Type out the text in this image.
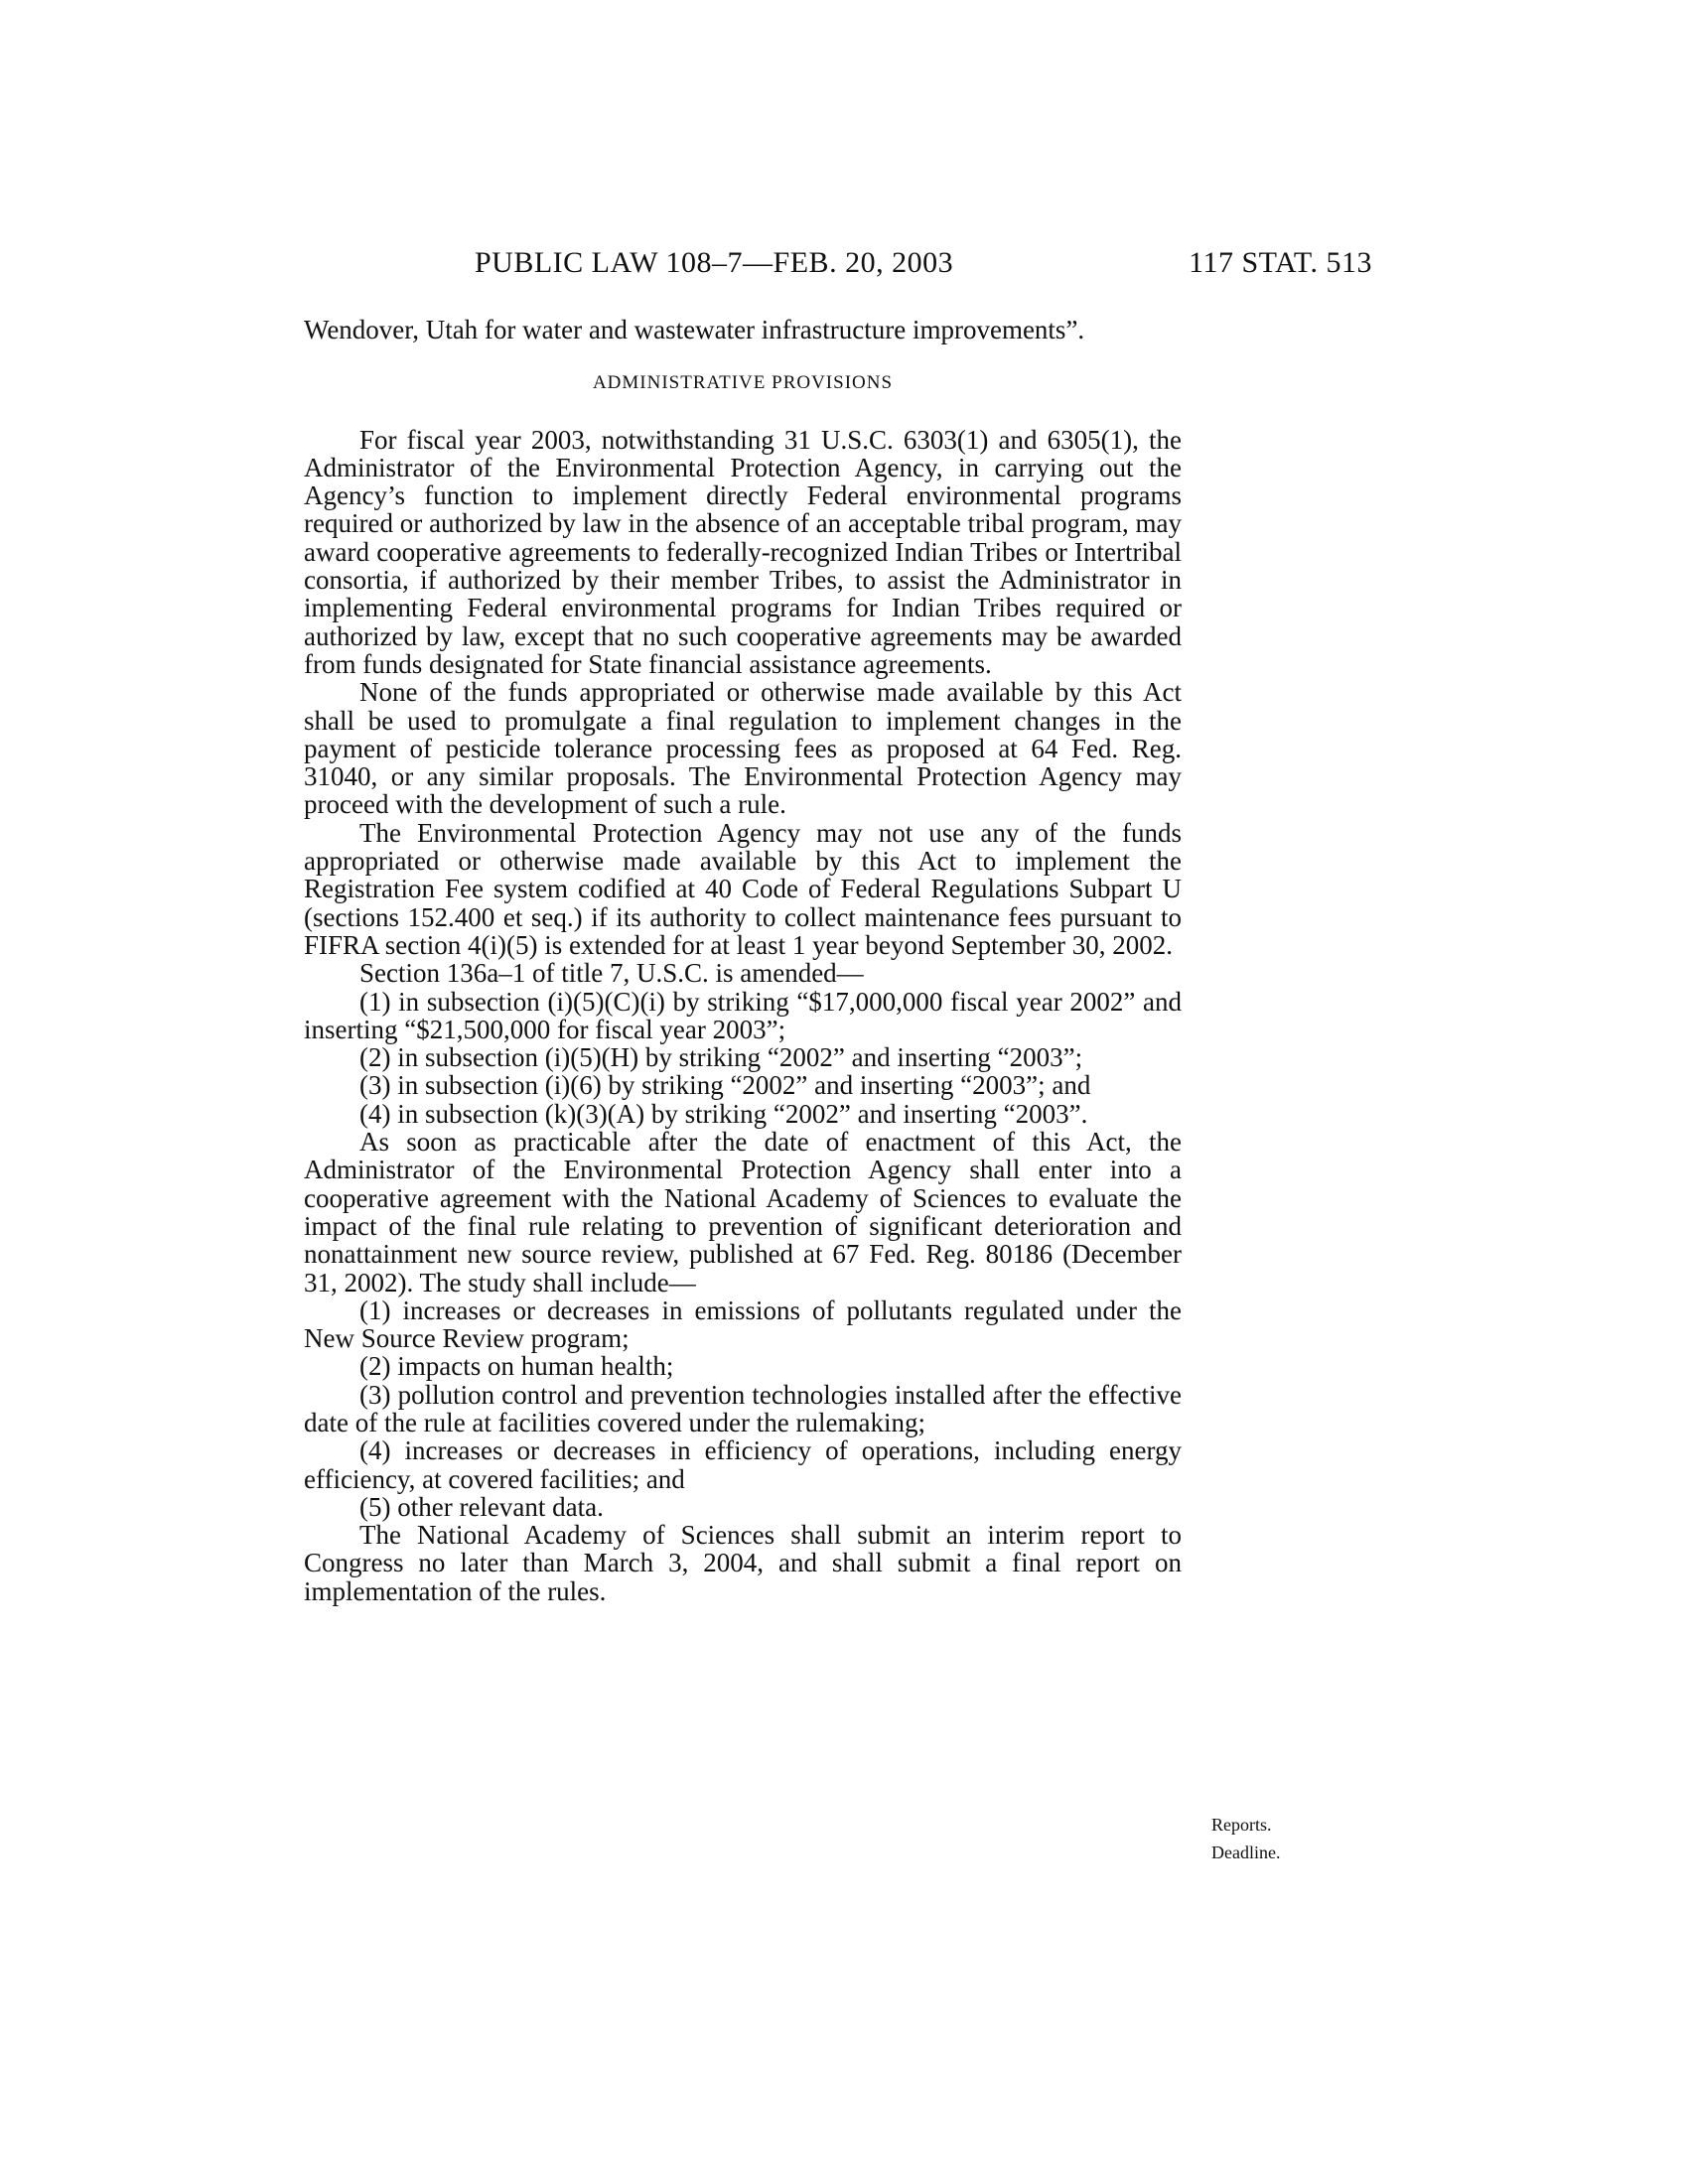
PUBLIC LAW 108–7—FEB. 20, 2003	117 STAT. 513

Wendover, Utah for water and wastewater infrastructure improvements”.

ADMINISTRATIVE PROVISIONS

For fiscal year 2003, notwithstanding 31 U.S.C. 6303(1) and 6305(1), the Administrator of the Environmental Protection Agency, in carrying out the Agency’s function to implement directly Federal environmental programs required or authorized by law in the absence of an acceptable tribal program, may award cooperative agreements to federally-recognized Indian Tribes or Intertribal consortia, if authorized by their member Tribes, to assist the Administrator in implementing Federal environmental programs for Indian Tribes required or authorized by law, except that no such cooperative agreements may be awarded from funds designated for State financial assistance agreements.

None of the funds appropriated or otherwise made available by this Act shall be used to promulgate a final regulation to implement changes in the payment of pesticide tolerance processing fees as proposed at 64 Fed. Reg. 31040, or any similar proposals. The Environmental Protection Agency may proceed with the development of such a rule.

The Environmental Protection Agency may not use any of the funds appropriated or otherwise made available by this Act to implement the Registration Fee system codified at 40 Code of Federal Regulations Subpart U (sections 152.400 et seq.) if its authority to collect maintenance fees pursuant to FIFRA section 4(i)(5) is extended for at least 1 year beyond September 30, 2002.

Section 136a–1 of title 7, U.S.C. is amended—

(1) in subsection (i)(5)(C)(i) by striking “$17,000,000 fiscal year 2002” and inserting “$21,500,000 for fiscal year 2003”;

(2) in subsection (i)(5)(H) by striking “2002” and inserting “2003”;

(3) in subsection (i)(6) by striking “2002” and inserting “2003”; and

(4) in subsection (k)(3)(A) by striking “2002” and inserting “2003”.

As soon as practicable after the date of enactment of this Act, the Administrator of the Environmental Protection Agency shall enter into a cooperative agreement with the National Academy of Sciences to evaluate the impact of the final rule relating to prevention of significant deterioration and nonattainment new source review, published at 67 Fed. Reg. 80186 (December 31, 2002). The study shall include—

(1) increases or decreases in emissions of pollutants regulated under the New Source Review program;

(2) impacts on human health;

(3) pollution control and prevention technologies installed after the effective date of the rule at facilities covered under the rulemaking;

(4) increases or decreases in efficiency of operations, including energy efficiency, at covered facilities; and

(5) other relevant data.

The National Academy of Sciences shall submit an interim report to Congress no later than March 3, 2004, and shall submit a final report on implementation of the rules.

Reports.
Deadline.
